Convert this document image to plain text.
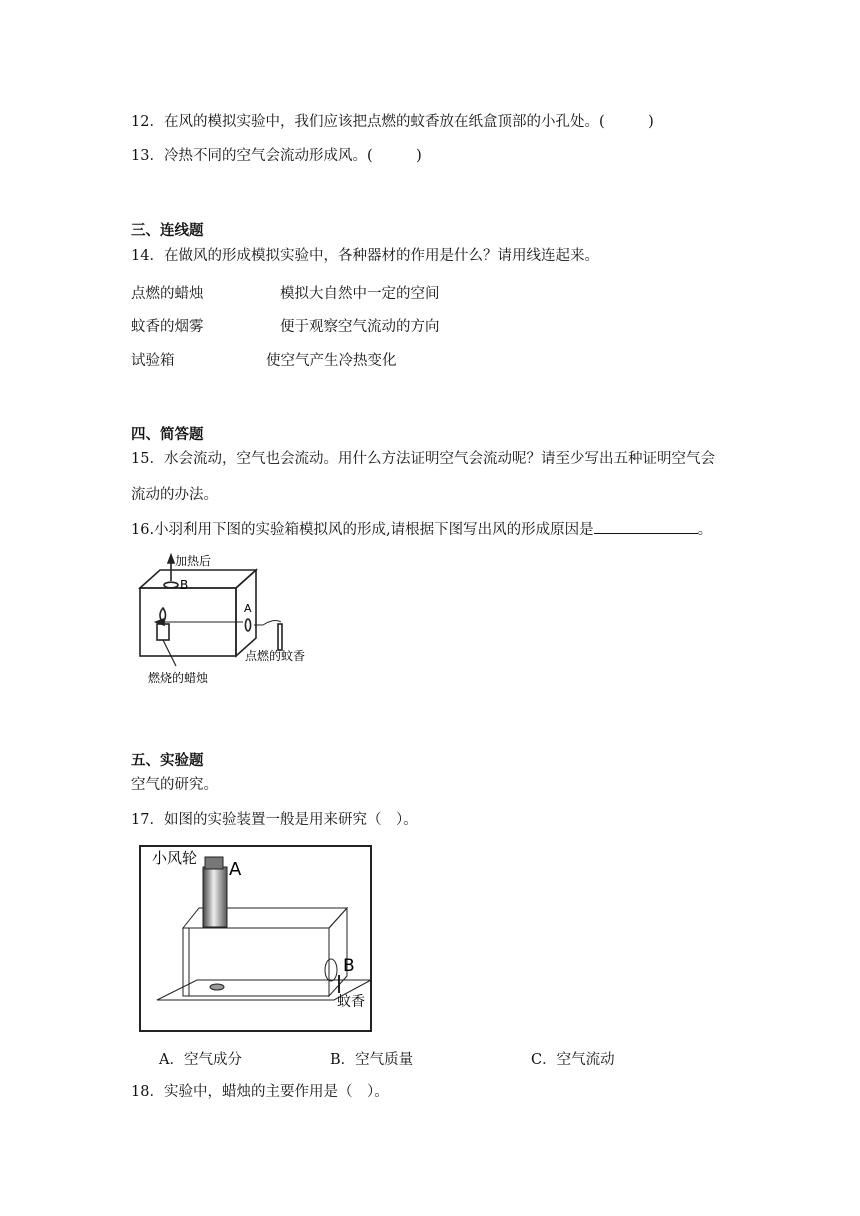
12．在风的模拟实验中，我们应该把点燃的蚊香放在纸盒顶部的小孔处。(　　　)
13．冷热不同的空气会流动形成风。(　　　)
三、连线题
14．在做风的形成模拟实验中，各种器材的作用是什么？请用线连起来。
点燃的蜡烛	模拟大自然中一定的空间
蚊香的烟雾	便于观察空气流动的方向
试验箱	使空气产生冷热变化
四、简答题
15．水会流动，空气也会流动。用什么方法证明空气会流动呢？请至少写出五种证明空气会
流动的办法。
16.小羽利用下图的实验箱模拟风的形成,请根据下图写出风的形成原因是	。
加热后
B
A
点燃的蚊香
燃烧的蜡烛
五、实验题
空气的研究。
17．如图的实验装置一般是用来研究（　）。
小风轮
A
B
蚊香
A．空气成分	B．空气质量	C．空气流动
18．实验中，蜡烛的主要作用是（　）。
